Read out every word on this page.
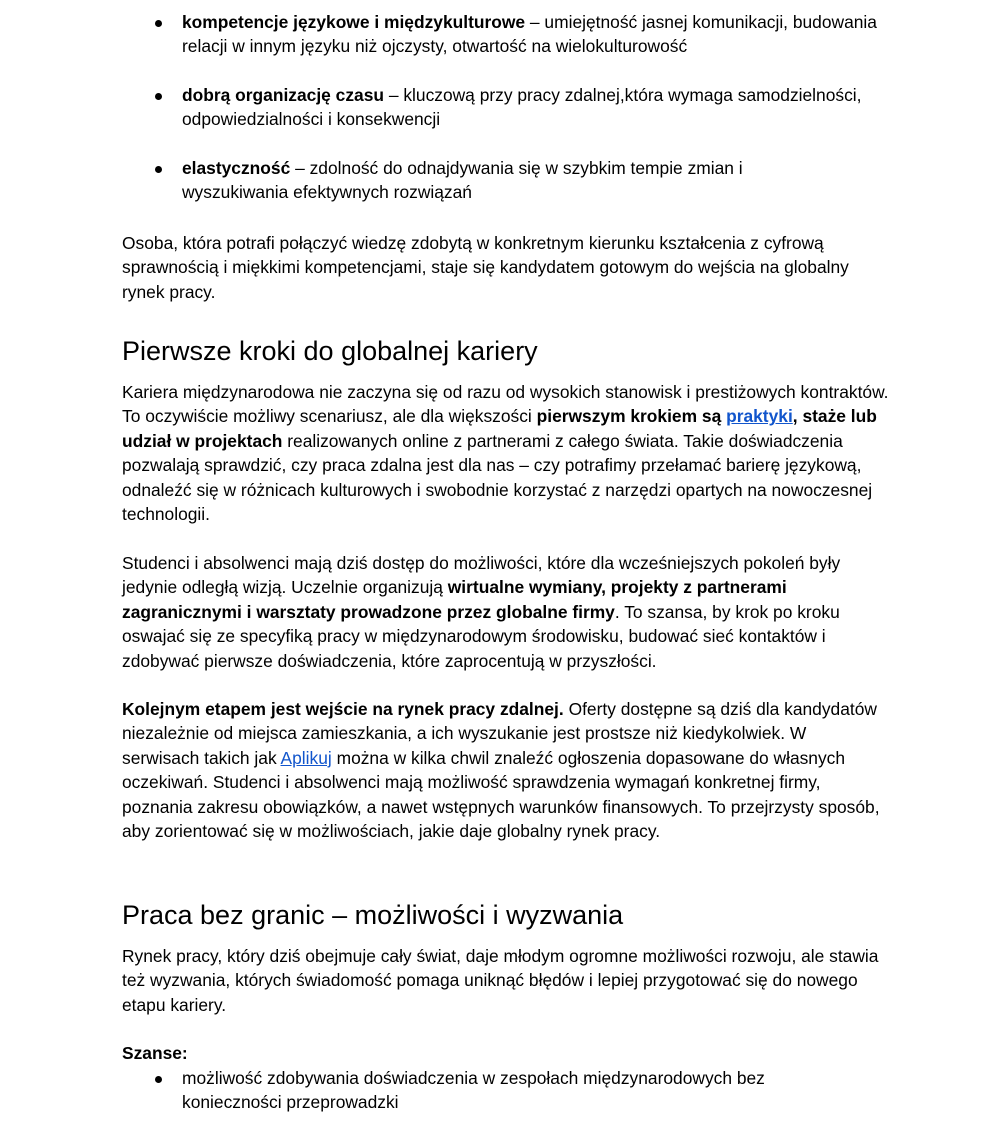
kompetencje językowe i międzykulturowe – umiejętność jasnej komunikacji, budowania relacji w innym języku niż ojczysty, otwartość na wielokulturowość
dobrą organizację czasu – kluczową przy pracy zdalnej,która wymaga samodzielności, odpowiedzialności i konsekwencji
elastyczność – zdolność do odnajdywania się w szybkim tempie zmian i wyszukiwania efektywnych rozwiązań

Osoba, która potrafi połączyć wiedzę zdobytą w konkretnym kierunku kształcenia z cyfrową sprawnością i miękkimi kompetencjami, staje się kandydatem gotowym do wejścia na globalny rynek pracy.

Pierwsze kroki do globalnej kariery

Kariera międzynarodowa nie zaczyna się od razu od wysokich stanowisk i prestiżowych kontraktów. To oczywiście możliwy scenariusz, ale dla większości pierwszym krokiem są praktyki, staże lub udział w projektach realizowanych online z partnerami z całego świata. Takie doświadczenia pozwalają sprawdzić, czy praca zdalna jest dla nas – czy potrafimy przełamać barierę językową, odnaleźć się w różnicach kulturowych i swobodnie korzystać z narzędzi opartych na nowoczesnej technologii.

Studenci i absolwenci mają dziś dostęp do możliwości, które dla wcześniejszych pokoleń były jedynie odległą wizją. Uczelnie organizują wirtualne wymiany, projekty z partnerami zagranicznymi i warsztaty prowadzone przez globalne firmy. To szansa, by krok po kroku oswajać się ze specyfiką pracy w międzynarodowym środowisku, budować sieć kontaktów i zdobywać pierwsze doświadczenia, które zaprocentują w przyszłości.

Kolejnym etapem jest wejście na rynek pracy zdalnej. Oferty dostępne są dziś dla kandydatów niezależnie od miejsca zamieszkania, a ich wyszukanie jest prostsze niż kiedykolwiek. W serwisach takich jak Aplikuj można w kilka chwil znaleźć ogłoszenia dopasowane do własnych oczekiwań. Studenci i absolwenci mają możliwość sprawdzenia wymagań konkretnej firmy, poznania zakresu obowiązków, a nawet wstępnych warunków finansowych. To przejrzysty sposób, aby zorientować się w możliwościach, jakie daje globalny rynek pracy.

Praca bez granic – możliwości i wyzwania

Rynek pracy, który dziś obejmuje cały świat, daje młodym ogromne możliwości rozwoju, ale stawia też wyzwania, których świadomość pomaga uniknąć błędów i lepiej przygotować się do nowego etapu kariery.

Szanse:

możliwość zdobywania doświadczenia w zespołach międzynarodowych bez konieczności przeprowadzki
